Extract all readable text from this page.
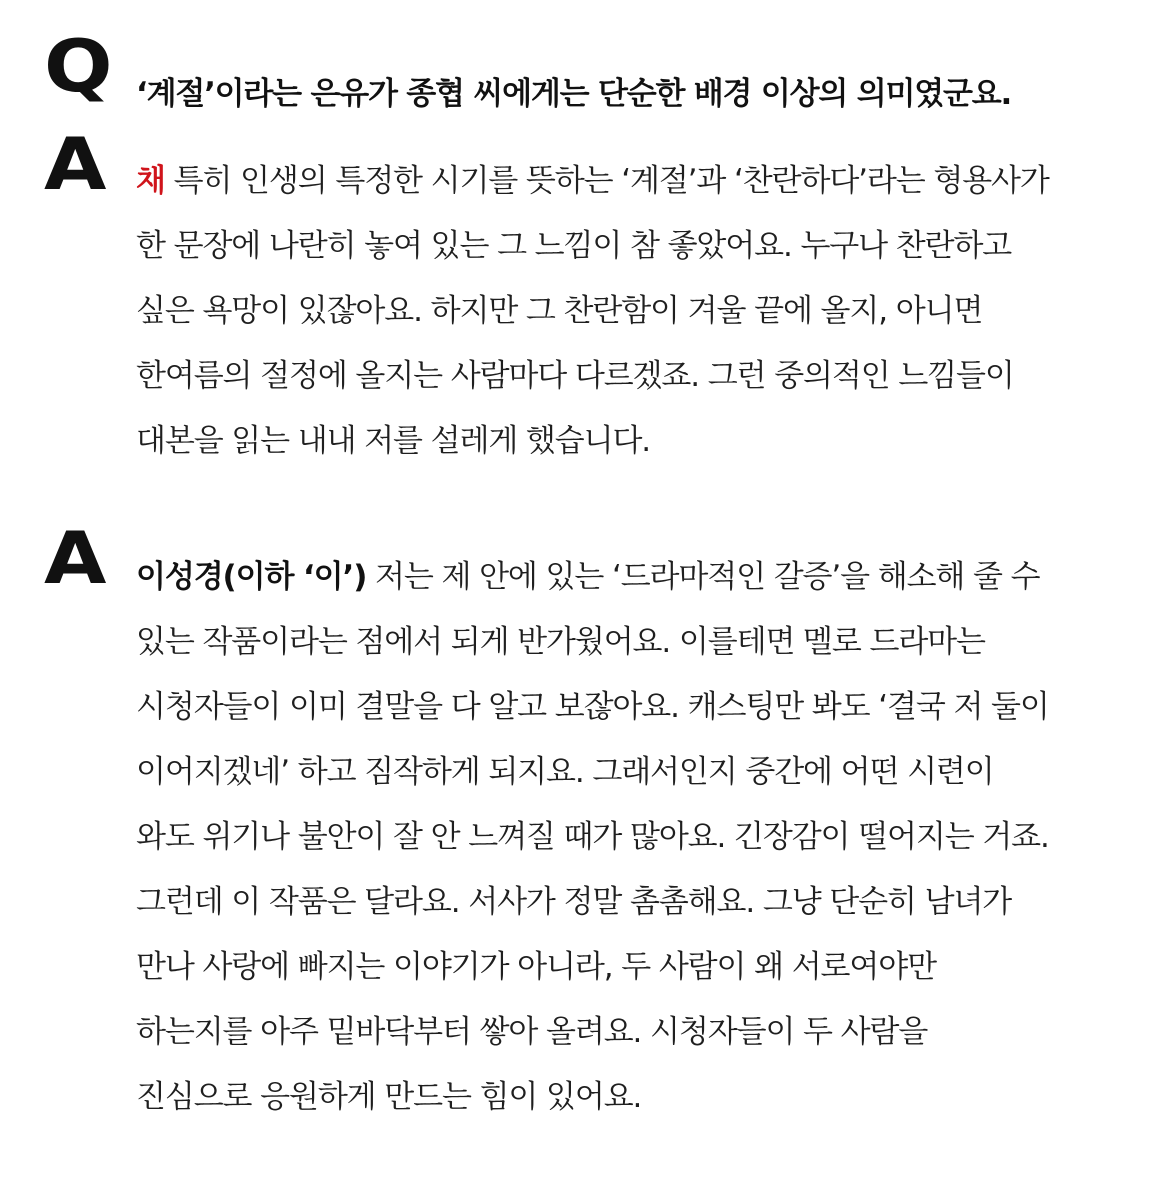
Q ‘계절’이라는 은유가 종협 씨에게는 단순한 배경 이상의 의미였군요.
A 채 특히 인생의 특정한 시기를 뜻하는 ‘계절’과 ‘찬란하다’라는 형용사가
한 문장에 나란히 놓여 있는 그 느낌이 참 좋았어요. 누구나 찬란하고
싶은 욕망이 있잖아요. 하지만 그 찬란함이 겨울 끝에 올지, 아니면
한여름의 절정에 올지는 사람마다 다르겠죠. 그런 중의적인 느낌들이
대본을 읽는 내내 저를 설레게 했습니다.
A 이성경(이하 ‘이’) 저는 제 안에 있는 ‘드라마적인 갈증’을 해소해 줄 수
있는 작품이라는 점에서 되게 반가웠어요. 이를테면 멜로 드라마는
시청자들이 이미 결말을 다 알고 보잖아요. 캐스팅만 봐도 ‘결국 저 둘이
이어지겠네’ 하고 짐작하게 되지요. 그래서인지 중간에 어떤 시련이
와도 위기나 불안이 잘 안 느껴질 때가 많아요. 긴장감이 떨어지는 거죠.
그런데 이 작품은 달라요. 서사가 정말 촘촘해요. 그냥 단순히 남녀가
만나 사랑에 빠지는 이야기가 아니라, 두 사람이 왜 서로여야만
하는지를 아주 밑바닥부터 쌓아 올려요. 시청자들이 두 사람을
진심으로 응원하게 만드는 힘이 있어요.
